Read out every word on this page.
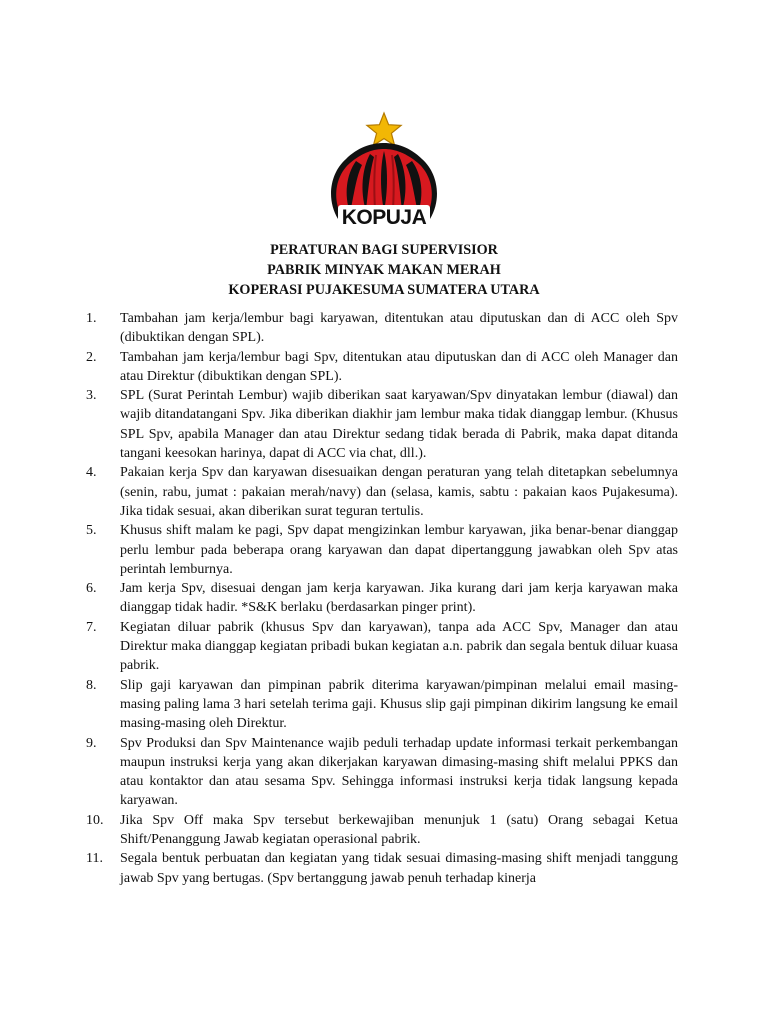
KOPUJA
PERATURAN BAGI SUPERVISIOR
PABRIK MINYAK MAKAN MERAH
KOPERASI PUJAKESUMA SUMATERA UTARA
1.	Tambahan jam kerja/lembur bagi karyawan, ditentukan atau diputuskan dan di ACC oleh Spv (dibuktikan dengan SPL).
2.	Tambahan jam kerja/lembur bagi Spv, ditentukan atau diputuskan dan di ACC oleh Manager dan atau Direktur (dibuktikan dengan SPL).
3.	SPL (Surat Perintah Lembur) wajib diberikan saat karyawan/Spv dinyatakan lembur (diawal) dan wajib ditandatangani Spv. Jika diberikan diakhir jam lembur maka tidak dianggap lembur. (Khusus SPL Spv, apabila Manager dan atau Direktur sedang tidak berada di Pabrik, maka dapat ditanda tangani keesokan harinya, dapat di ACC via chat, dll.).
4.	Pakaian kerja Spv dan karyawan disesuaikan dengan peraturan yang telah ditetapkan sebelumnya (senin, rabu, jumat : pakaian merah/navy) dan (selasa, kamis, sabtu : pakaian kaos Pujakesuma). Jika tidak sesuai, akan diberikan surat teguran tertulis.
5.	Khusus shift malam ke pagi, Spv dapat mengizinkan lembur karyawan, jika benar-benar dianggap perlu lembur pada beberapa orang karyawan dan dapat dipertanggung jawabkan oleh Spv atas perintah lemburnya.
6.	Jam kerja Spv, disesuai dengan jam kerja karyawan. Jika kurang dari jam kerja karyawan maka dianggap tidak hadir. *S&K berlaku (berdasarkan pinger print).
7.	Kegiatan diluar pabrik (khusus Spv dan karyawan), tanpa ada ACC Spv, Manager dan atau Direktur maka dianggap kegiatan pribadi bukan kegiatan a.n. pabrik dan segala bentuk diluar kuasa pabrik.
8.	Slip gaji karyawan dan pimpinan pabrik diterima karyawan/pimpinan melalui email masing-masing paling lama 3 hari setelah terima gaji. Khusus slip gaji pimpinan dikirim langsung ke email masing-masing oleh Direktur.
9.	Spv Produksi dan Spv Maintenance wajib peduli terhadap update informasi terkait perkembangan maupun instruksi kerja yang akan dikerjakan karyawan dimasing-masing shift melalui PPKS dan atau kontaktor dan atau sesama Spv. Sehingga informasi instruksi kerja tidak langsung kepada karyawan.
10.	Jika Spv Off maka Spv tersebut berkewajiban menunjuk 1 (satu) Orang sebagai Ketua Shift/Penanggung Jawab kegiatan operasional pabrik.
11.	Segala bentuk perbuatan dan kegiatan yang tidak sesuai dimasing-masing shift menjadi tanggung jawab Spv yang bertugas. (Spv bertanggung jawab penuh terhadap kinerja
